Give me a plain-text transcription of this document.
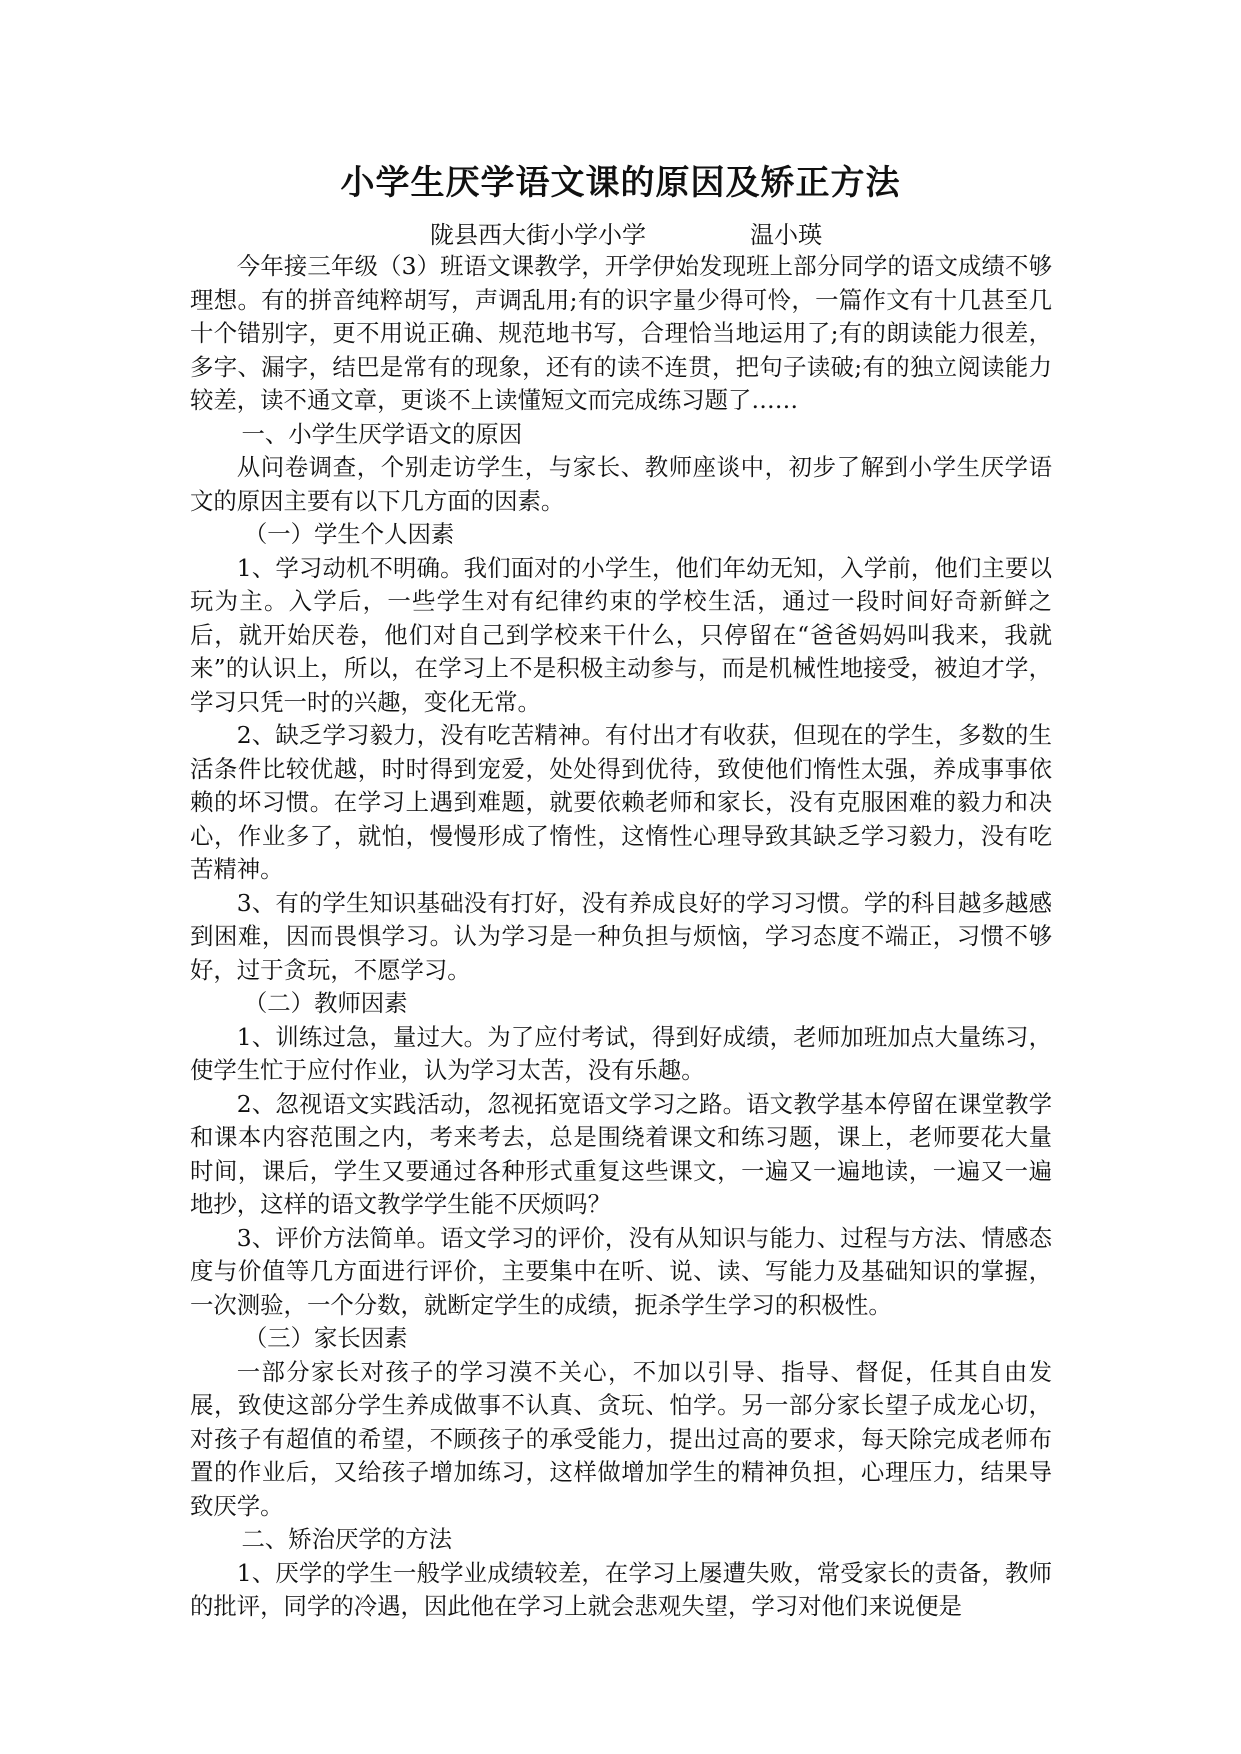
小学生厌学语文课的原因及矫正方法
陇县西大街小学小学	温小瑛

今年接三年级（3）班语文课教学，开学伊始发现班上部分同学的语文成绩不够理想。有的拼音纯粹胡写，声调乱用;有的识字量少得可怜，一篇作文有十几甚至几十个错别字，更不用说正确、规范地书写，合理恰当地运用了;有的朗读能力很差，多字、漏字，结巴是常有的现象，还有的读不连贯，把句子读破;有的独立阅读能力较差，读不通文章，更谈不上读懂短文而完成练习题了……

一、小学生厌学语文的原因

从问卷调查，个别走访学生，与家长、教师座谈中，初步了解到小学生厌学语文的原因主要有以下几方面的因素。

（一）学生个人因素

1、学习动机不明确。我们面对的小学生，他们年幼无知，入学前，他们主要以玩为主。入学后，一些学生对有纪律约束的学校生活，通过一段时间好奇新鲜之后，就开始厌卷，他们对自己到学校来干什么，只停留在“爸爸妈妈叫我来，我就来”的认识上，所以，在学习上不是积极主动参与，而是机械性地接受，被迫才学，学习只凭一时的兴趣，变化无常。

2、缺乏学习毅力，没有吃苦精神。有付出才有收获，但现在的学生，多数的生活条件比较优越，时时得到宠爱，处处得到优待，致使他们惰性太强，养成事事依赖的坏习惯。在学习上遇到难题，就要依赖老师和家长，没有克服困难的毅力和决心，作业多了，就怕，慢慢形成了惰性，这惰性心理导致其缺乏学习毅力，没有吃苦精神。

3、有的学生知识基础没有打好，没有养成良好的学习习惯。学的科目越多越感到困难，因而畏惧学习。认为学习是一种负担与烦恼，学习态度不端正，习惯不够好，过于贪玩，不愿学习。

（二）教师因素

1、训练过急，量过大。为了应付考试，得到好成绩，老师加班加点大量练习，使学生忙于应付作业，认为学习太苦，没有乐趣。

2、忽视语文实践活动，忽视拓宽语文学习之路。语文教学基本停留在课堂教学和课本内容范围之内，考来考去，总是围绕着课文和练习题，课上，老师要花大量时间，课后，学生又要通过各种形式重复这些课文，一遍又一遍地读，一遍又一遍地抄，这样的语文教学学生能不厌烦吗？

3、评价方法简单。语文学习的评价，没有从知识与能力、过程与方法、情感态度与价值等几方面进行评价，主要集中在听、说、读、写能力及基础知识的掌握，一次测验，一个分数，就断定学生的成绩，扼杀学生学习的积极性。

（三）家长因素

一部分家长对孩子的学习漠不关心，不加以引导、指导、督促，任其自由发展，致使这部分学生养成做事不认真、贪玩、怕学。另一部分家长望子成龙心切，对孩子有超值的希望，不顾孩子的承受能力，提出过高的要求，每天除完成老师布置的作业后，又给孩子增加练习，这样做增加学生的精神负担，心理压力，结果导致厌学。

二、矫治厌学的方法

1、厌学的学生一般学业成绩较差，在学习上屡遭失败，常受家长的责备，教师的批评，同学的冷遇，因此他在学习上就会悲观失望，学习对他们来说便是
